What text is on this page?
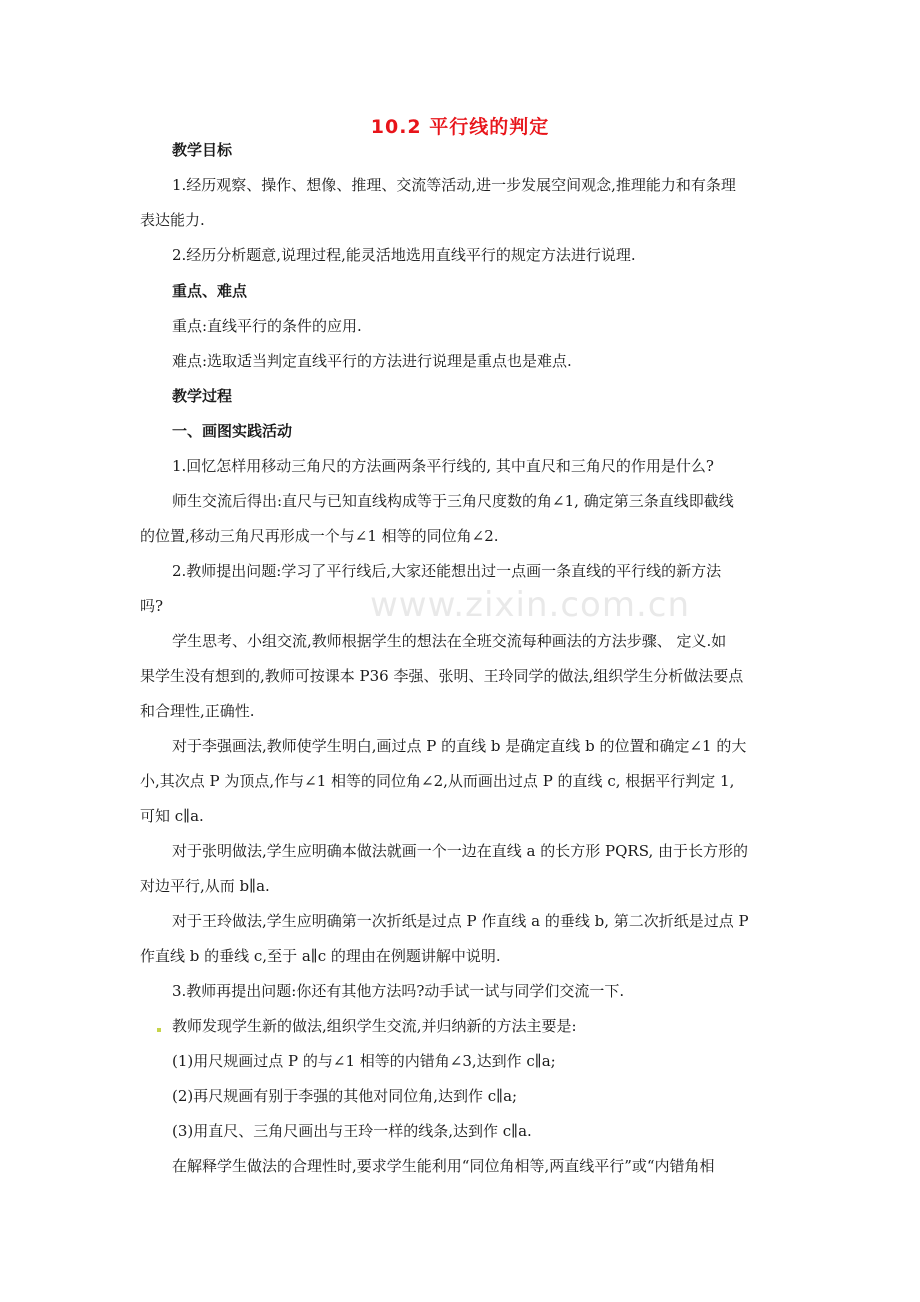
www.zixin.com.cn
10.2 平行线的判定
教学目标
1.经历观察、操作、想像、推理、交流等活动,进一步发展空间观念,推理能力和有条理
表达能力.
2.经历分析题意,说理过程,能灵活地选用直线平行的规定方法进行说理.
重点、难点
重点:直线平行的条件的应用.
难点:选取适当判定直线平行的方法进行说理是重点也是难点.
教学过程
一、画图实践活动
1.回忆怎样用移动三角尺的方法画两条平行线的, 其中直尺和三角尺的作用是什么?
师生交流后得出:直尺与已知直线构成等于三角尺度数的角∠1, 确定第三条直线即截线
的位置,移动三角尺再形成一个与∠1 相等的同位角∠2.
2.教师提出问题:学习了平行线后,大家还能想出过一点画一条直线的平行线的新方法
吗?
学生思考、小组交流,教师根据学生的想法在全班交流每种画法的方法步骤、 定义.如
果学生没有想到的,教师可按课本 P36 李强、张明、王玲同学的做法,组织学生分析做法要点
和合理性,正确性.
对于李强画法,教师使学生明白,画过点 P 的直线 b 是确定直线 b 的位置和确定∠1 的大
小,其次点 P 为顶点,作与∠1 相等的同位角∠2,从而画出过点 P 的直线 c, 根据平行判定 1,
可知 c∥a.
对于张明做法,学生应明确本做法就画一个一边在直线 a 的长方形 PQRS, 由于长方形的
对边平行,从而 b∥a.
对于王玲做法,学生应明确第一次折纸是过点 P 作直线 a 的垂线 b, 第二次折纸是过点 P
作直线 b 的垂线 c,至于 a∥c 的理由在例题讲解中说明.
3.教师再提出问题:你还有其他方法吗?动手试一试与同学们交流一下.
教师发现学生新的做法,组织学生交流,并归纳新的方法主要是:
(1)用尺规画过点 P 的与∠1 相等的内错角∠3,达到作 c∥a;
(2)再尺规画有别于李强的其他对同位角,达到作 c∥a;
(3)用直尺、三角尺画出与王玲一样的线条,达到作 c∥a.
在解释学生做法的合理性时,要求学生能利用“同位角相等,两直线平行”或“内错角相
